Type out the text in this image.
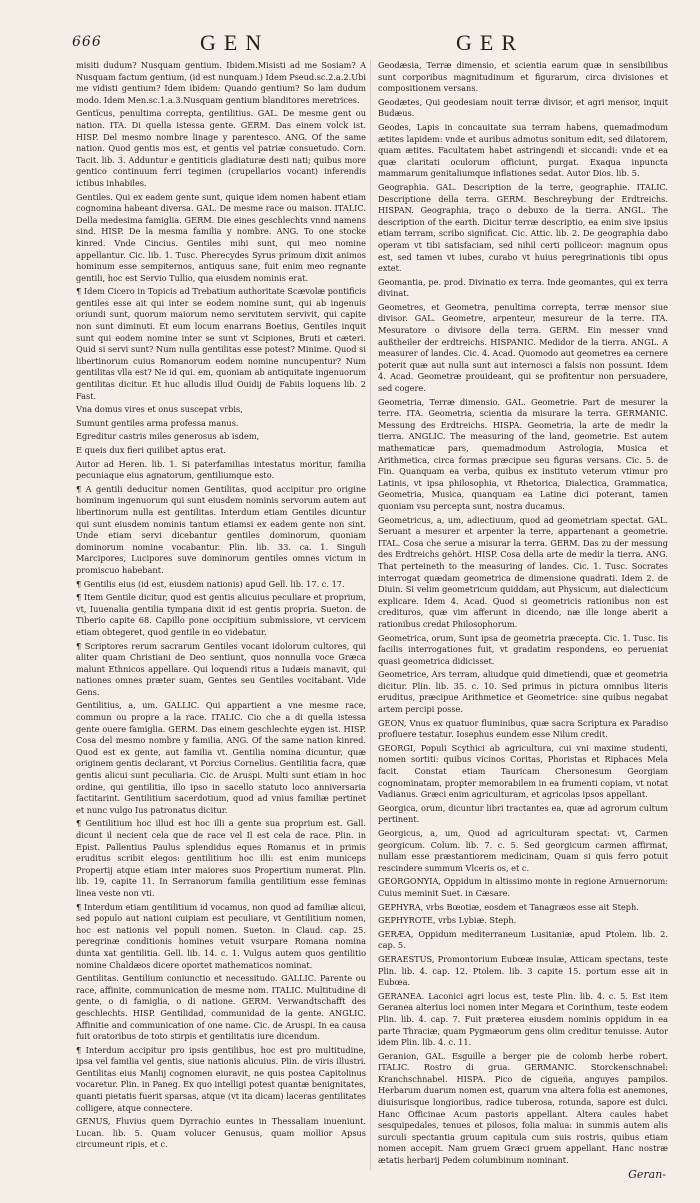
666	GEN	GER

misiti dudum? Nusquam gentium. Ibidem.Misisti ad me Sosiam? A Nusquam factum gentium, (id est nunquam.) Idem Pseud.sc.2.a.2.Ubi me vidisti gentium? Idem ibidem: Quando gentium? So lam dudum modo. Idem Men.sc.1.a.3.Nusquam gentium blanditores meretrices.

Gentĭcus, penultima correpta, gentilitius. GAL. De mesme gent ou nation. ITA. Di quella istessa gente. GERM. Das einem volck ist. HISP. Del mesmo nombre linage y parentesco. ANG. Of the same nation. Quod gentis mos est, et gentis vel patriæ consuetudo. Corn. Tacit. lib. 3. Adduntur e gentiticis gladiaturæ desti nati; quibus more gentico continuum ferri tegimen (crupellarios vocant) inferendis ictibus inhabiles.

Gentiles. Qui ex eadem gente sunt, quique idem nomen habent etiam cognomina habeant diversa. GAL. De mesme race ou maison. ITALIC. Della medesima famiglia. GERM. Die eines geschlechts vnnd namens sind. HISP. De la mesma familia y nombre. ANG. To one stocke kinred. Vnde Cincius. Gentiles mihi sunt, qui meo nomine appellantur. Cic. lib. 1. Tusc. Pherecydes Syrus primum dixit animos hominum esse sempiternos, antiquus sane, fuit enim meo regnante gentili, hoc est Servio Tullio, qua eiusdem nominis erat.

¶ Idem Cicero in Topicis ad Trebatium authoritate Scævolæ pontificis gentiles esse ait qui inter se eodem nomine sunt, qui ab ingenuis oriundi sunt, quorum maiorum nemo servitutem servivit, qui capite non sunt diminuti. Et eum locum enarrans Boetius, Gentiles inquit sunt qui eodem nomine inter se sunt vt Scipiones, Bruti et cæteri. Quid si servi sunt? Num nulla gentilitas esse potest? Minime. Quod si libertinorum cuius Romanorum eodem nomine nuncupentur? Num gentilitas vlla est? Ne id qui. em, quoniam ab antiquitate ingenuorum gentilitas dicitur. Et huc alludis illud Ouidij de Fabiis loquens lib. 2 Fast.

Vna domus vires et onus suscepat vrbis,

Sumunt gentiles arma professa manus.

Egreditur castris miles generosus ab isdem,

E queis dux fieri quilibet aptus erat.

Autor ad Heren. lib. 1. Si paterfamilias intestatus moritur, familia pecuniaque eius agnatorum, gentiliumque esto.

¶ A gentili deducitur nomen Gentilitas, quod accipitur pro origine hominum ingenuorum qui sunt eiusdem nominis servorum autem aut libertinorum nulla est gentilitas. Interdum etiam Gentiles dicuntur qui sunt eiusdem nominis tantum etiamsi ex eadem gente non sint. Unde etiam servi dicebantur gentiles dominorum, quoniam dominorum nomine vocabantur. Plin. lib. 33. ca. 1. Singuli Marcipores, Lucipores suve dominorum gentiles omnes victum in promiscuo habebant.

¶ Gentilis eius (id est, eiusdem nationis) apud Gell. lib. 17. c. 17.

¶ Item Gentile dicitur, quod est gentis alicuius peculiare et proprium, vt, Iuuenalia gentilia tympana dixit id est gentis propria. Sueton. de Tiberio capite 68. Capillo pone occipitium submissiore, vt cervicem etiam obtegeret, quod gentile in eo videbatur.

¶ Scriptores rerum sacrarum Gentiles vocant idolorum cultores, qui aliter quam Christiani de Deo sentiunt, quos nonnulla voce Græca malunt Ethnicos appellare. Qui loquendi ritus a Iudæis manavit, qui nationes omnes præter suam, Gentes seu Gentiles vocitabant. Vide Gens.

Gentilitius, a, um. GALLIC. Qui appartient a vne mesme race, commun ou propre a la race. ITALIC. Cio che a di quella istessa gente ouere famiglia. GERM. Das einem geschlechte eygen ist. HISP. Cosa del mesmo nombre y familia. ANG. Of the same nation kinred. Quod est ex gente, aut familia vt. Gentilia nomina dicuntur, quæ originem gentis declarant, vt Porcius Cornelius. Gentilitia facra, quæ gentis alicui sunt peculiaria. Cic. de Aruspi. Multi sunt etiam in hoc ordine, qui gentilitia, illo ipso in sacello statuto loco anniversaria factitarint. Gentilitium sacerdotium, quod ad vnius familiæ pertinet et nunc vulgo Ius patronatus dicitur.

¶ Gentilitium hoc illud est hoc illi a gente sua proprium est. Gall. dicunt il necient cela que de race vel Il est cela de race. Plin. in Epist. Pallentius Paulus splendidus eques Romanus et in primis eruditus scribit elegos: gentilitium hoc illi: est enim municeps Propertij atque etiam inter maiores suos Propertium numerat. Plin. lib. 19, capite 11. In Serranorum familia gentilitium esse feminas linea veste non vti.

¶ Interdum etiam gentilitium id vocamus, non quod ad familiæ alicui, sed populo aut nationi cuipiam est peculiare, vt Gentilitium nomen, hoc est nationis vel populi nomen. Sueton. in Claud. cap. 25. peregrinæ conditionis homines vetuit vsurpare Romana nomina dunta xat gentilitia. Gell. lib. 14. c. 1. Vulgus autem quos gentilitio nomine Chaldæos dicere oportet mathematicos nominat.

Gentilitas. Gentilium coniunctio et necessitudo. GALLIC. Parente ou race, affinite, communication de mesme nom. ITALIC. Multitudine di gente, o di famiglia, o di natione. GERM. Verwandtschafft des geschlechts. HISP. Gentilidad, communidad de la gente. ANGLIC. Affinitie and communication of one name. Cic. de Aruspi. In ea causa fuit oratoribus de toto stirpis et gentilitatis iure dicendum.

¶ Interdum accipitur pro ipsis gentilibus, hoc est pro multitudine, ipsa vel familia vel gentis, siue nationis alicuius. Plin. de viris illustri. Gentilitas eius Manlij cognomen eiuravit, ne quis postea Capitolinus vocaretur. Plin. in Paneg. Ex quo intelligi potest quantæ benignitates, quanti pietatis fuerit sparsas, atque (vt ita dicam) laceras gentilitates colligere, atque connectere.

GENUS, Fluvius quem Dyrrachio euntes in Thessaliam inueniunt. Lucan. lib. 5. Quam volucer Genusus, quam mollior Apsus circumeunt ripis, et c.

Geodæsia, Terræ dimensio, et scientia earum quæ in sensibilibus sunt corporibus magnitudinum et figurarum, circa divisiones et compositionem versans.

Geodætes, Qui geodesiam nouit terræ divisor, et agri mensor, inquit Budæus.

Geodes, Lapis in concauitate sua terram habens, quemadmodum ætites lapidem: vnde et auribus admotus sonitum edit, sed dilatorem, quam ætites. Facultatem habet astringendi et siccandi: vnde et ea quæ claritati oculorum officiunt, purgat. Exaqua inpuncta mammarum genitaliumque inflationes sedat. Autor Dios. lib. 5.

Geographia. GAL. Description de la terre, geographie. ITALIC. Descriptione della terra. GERM. Beschreybung der Erdtreichs. HISPAN. Geographia, traço o debuxo de la tierra. ANGL. The description of the earth. Dicitur terræ descriptio, ea enim sive ipsius etiam terram, scribo significat. Cic. Attic. lib. 2. De geographia dabo operam vt tibi satisfaciam, sed nihil certi polliceor: magnum opus est, sed tamen vt iubes, curabo vt huius peregrinationis tibi opus extet.

Geomantia, pe. prod. Divinatio ex terra. Inde geomantes, qui ex terra divinat.

Geometres, et Geometra, penultima correpta, terræ mensor siue divisor. GAL. Geometre, arpenteur, mesureur de la terre. ITA. Mesuratore o divisore della terra. GERM. Ein messer vnnd außtheiler der erdtreichs. HISPANIC. Medidor de la tierra. ANGL. A measurer of landes. Cic. 4. Acad. Quomodo aut geometres ea cernere poterit quæ aut nulla sunt aut internosci a falsis non possunt. Idem 4. Acad. Geometræ prouideant, qui se profitentur non persuadere, sed cogere.

Geometria, Terræ dimensio. GAL. Geometrie. Part de mesurer la terre. ITA. Geometria, scientia da misurare la terra. GERMANIC. Messung des Erdtreichs. HISPA. Geometria, la arte de medir la tierra. ANGLIC. The measuring of the land, geometrie. Est autem mathematicæ pars, quemadmodum Astrologia, Musica et Arithmetica, circa formas præcipue seu figuras versans. Cic. 5. de Fin. Quanquam ea verba, quibus ex instituto veterum vtimur pro Latinis, vt ipsa philosophia, vt Rhetorica, Dialectica, Grammatica, Geometria, Musica, quanquam ea Latine dici poterant, tamen quoniam vsu percepta sunt, nostra ducamus.

Geometricus, a, um, adiectiuum, quod ad geometriam spectat. GAL. Seruant a mesurer et arpenter la terre, appartenant a geometrie. ITAL. Cosa che serue a misurar la terra. GERM. Das zu der messung des Erdtreichs gehört. HISP. Cosa della arte de medir la tierra. ANG. That perteineth to the measuring of landes. Cic. 1. Tusc. Socrates interrogat quædam geometrica de dimensione quadrati. Idem 2. de Diuin. Si velim geometricum quiddam, aut Physicum, aut dialecticum explicare. Idem 4. Acad. Quod si geometricis rationibus non est credituros, quæ vim afferunt in dicendo, næ ille longe aberit a rationibus credat Philosophorum.

Geometrica, orum, Sunt ipsa de geometria præcepta. Cic. 1. Tusc. Iis facilis interrogationes fuit, vt gradatim respondens, eo perueniat quasi geometrica didicisset.

Geometrice, Ars terram, aliudque quid dimetiendi, quæ et geometria dicitur. Plin. lib. 35. c. 10. Sed primus in pictura omnibus literis eruditus, præcipue Arithmetice et Geometrice: sine quibus negabat artem percipi posse.

GEON, Vnus ex quatuor fluminibus, quæ sacra Scriptura ex Paradiso profluere testatur. Iosephus eundem esse Nilum credit.

GEORGI, Populi Scythici ab agricultura, cui vni maxime studenti, nomen sortiti: quibus vicinos Coritas, Phoristas et Riphaces Mela facit. Constat etiam Tauricam Chersonesum Georgiam cognominatam, propter memorabilem in ea frumenti copiam, vt notat Vadianus. Græci enim agriculturam, et agricolas ipsos appellant.

Georgica, orum, dicuntur libri tractantes ea, quæ ad agrorum cultum pertinent.

Georgicus, a, um, Quod ad agriculturam spectat: vt, Carmen georgicum. Colum. lib. 7. c. 5. Sed georgicum carmen affirmat, nullam esse præstantiorem medicinam, Quam si quis ferro potuit rescindere summum Vlceris os, et c.

GEORGONYIA, Oppidum in altissimo monte in regione Arnuernorum: Cuius meminit Suet. in Cæsare.

GEPHYRA, vrbs Bœotiæ, eosdem et Tanagræos esse ait Steph.

GEPHYROTE, vrbs Lybiæ. Steph.

GERÆA, Oppidum mediterraneum Lusitaniæ, apud Ptolem. lib. 2. cap. 5.

GERAESTUS, Promontorium Eubœæ insulæ, Atticam spectans, teste Plin. lib. 4. cap. 12. Ptolem. lib. 3 capite 15. portum esse ait in Eubœa.

GERANEA. Laconici agri locus est, teste Plin. lib. 4. c. 5. Est item Geranea alterius loci nomen inter Megara et Corinthum, teste eodem Plin. lib. 4. cap. 7. Fuit præterea eiusdem nominis oppidum in ea parte Thraciæ, quam Pygmæorum gens olim creditur tenuisse. Autor idem Plin. lib. 4. c. 11.

Geranion, GAL. Esguille a berger pie de colomb herbe robert. ITALIC. Rostro di grua. GERMANIC. Storckenschnabel: Kranchschnabel. HISPA. Pico de cigueña, anguyes pampilos. Herbarum duarum nomen est, quarum vna altera folia est anemones, diuisurisque longioribus, radice tuberosa, rotunda, sapore est dulci. Hanc Officinae Acum pastoris appellant. Altera caules habet sesquipedales, tenues et pilosos, folia malua: in summis autem alis surculi spectantia gruum capitula cum suis rostris, quibus etiam nomen accepit. Nam gruem Græci gruem appellant. Hanc nostræ ætatis herbarij Pedem columbinum nominant.

Geran-
